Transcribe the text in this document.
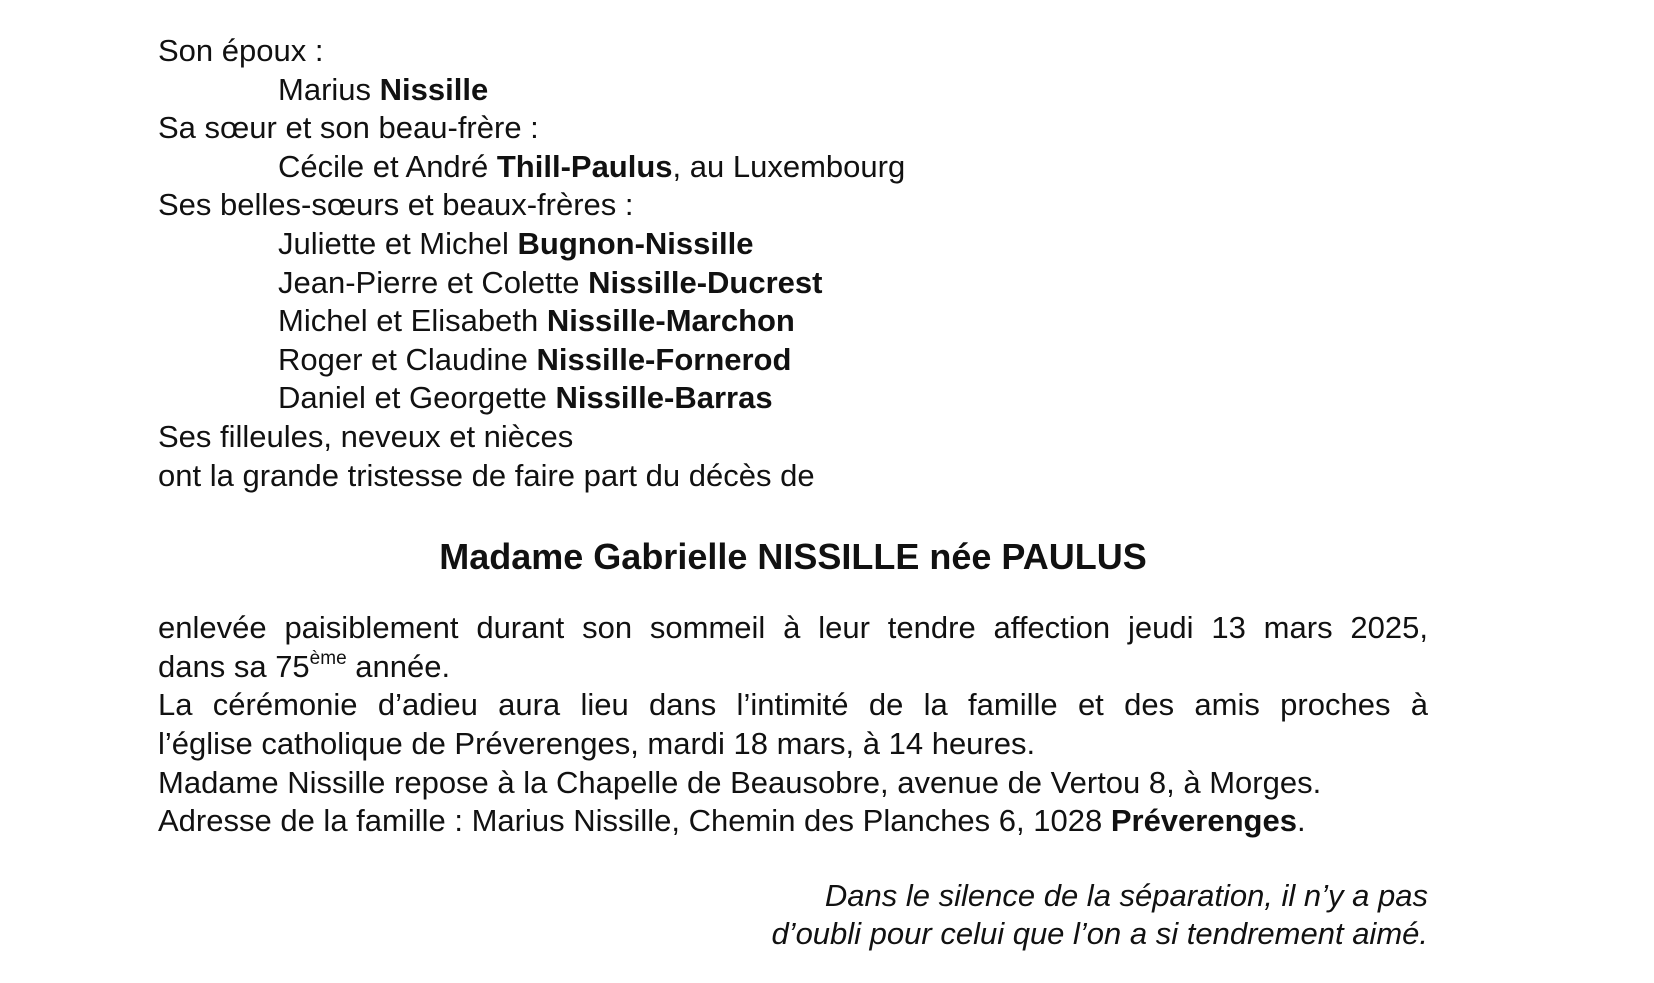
Son époux :
Marius Nissille
Sa sœur et son beau-frère :
Cécile et André Thill-Paulus, au Luxembourg
Ses belles-sœurs et beaux-frères :
Juliette et Michel Bugnon-Nissille
Jean-Pierre et Colette Nissille-Ducrest
Michel et Elisabeth Nissille-Marchon
Roger et Claudine Nissille-Fornerod
Daniel et Georgette Nissille-Barras
Ses filleules, neveux et nièces
ont la grande tristesse de faire part du décès de
Madame Gabrielle NISSILLE née PAULUS
enlevée paisiblement durant son sommeil à leur tendre affection jeudi 13 mars 2025,
dans sa 75ème année.
La cérémonie d’adieu aura lieu dans l’intimité de la famille et des amis proches à
l’église catholique de Préverenges, mardi 18 mars, à 14 heures.
Madame Nissille repose à la Chapelle de Beausobre, avenue de Vertou 8, à Morges.
Adresse de la famille : Marius Nissille, Chemin des Planches 6, 1028 Préverenges.
Dans le silence de la séparation, il n’y a pas
d’oubli pour celui que l’on a si tendrement aimé.
